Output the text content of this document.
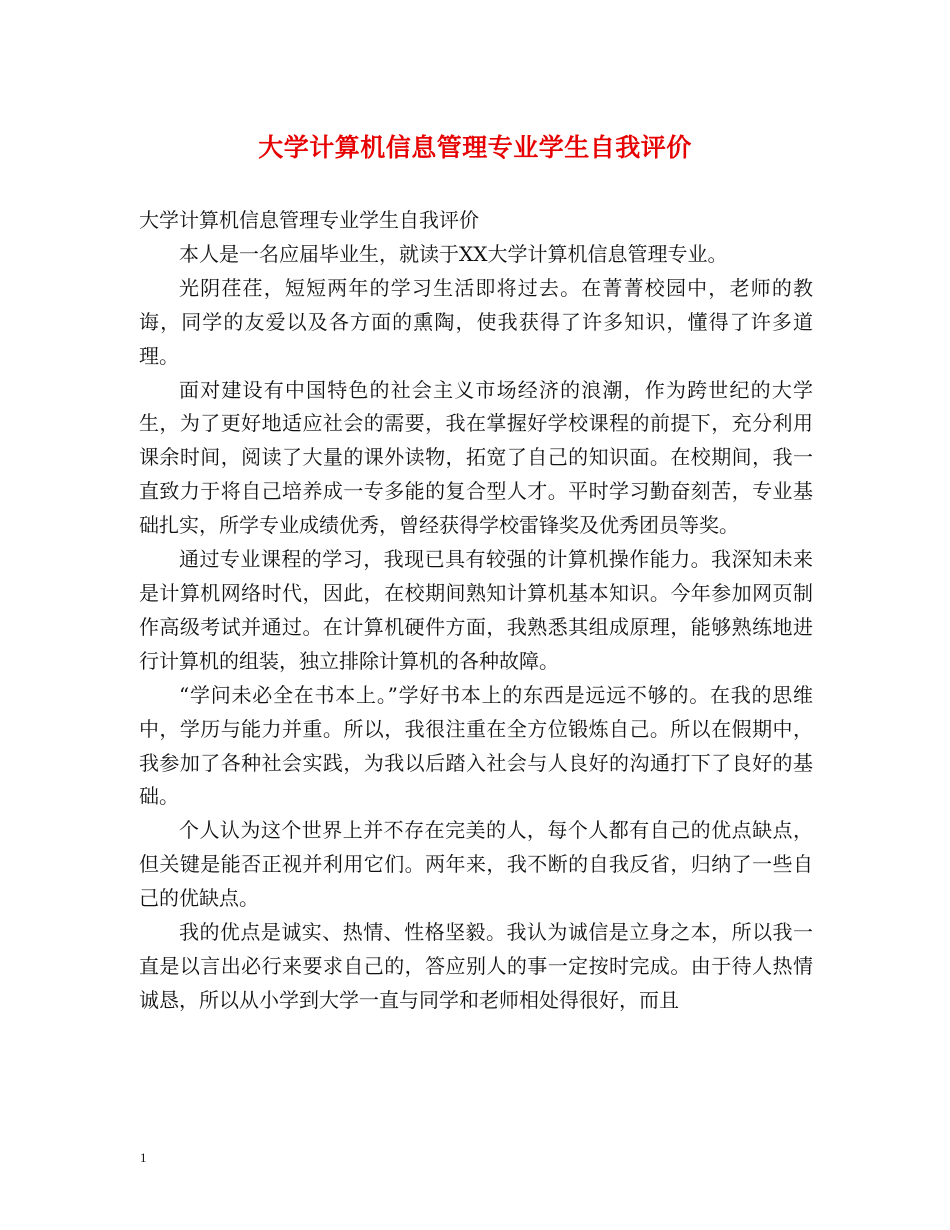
大学计算机信息管理专业学生自我评价

大学计算机信息管理专业学生自我评价

本人是一名应届毕业生，就读于XX大学计算机信息管理专业。

光阴荏荏，短短两年的学习生活即将过去。在菁菁校园中，老师的教诲，同学的友爱以及各方面的熏陶，使我获得了许多知识，懂得了许多道理。

面对建设有中国特色的社会主义市场经济的浪潮，作为跨世纪的大学生，为了更好地适应社会的需要，我在掌握好学校课程的前提下，充分利用课余时间，阅读了大量的课外读物，拓宽了自己的知识面。在校期间，我一直致力于将自己培养成一专多能的复合型人才。平时学习勤奋刻苦，专业基础扎实，所学专业成绩优秀，曾经获得学校雷锋奖及优秀团员等奖。

通过专业课程的学习，我现已具有较强的计算机操作能力。我深知未来是计算机网络时代，因此，在校期间熟知计算机基本知识。今年参加网页制作高级考试并通过。在计算机硬件方面，我熟悉其组成原理，能够熟练地进行计算机的组装，独立排除计算机的各种故障。

“学问未必全在书本上。”学好书本上的东西是远远不够的。在我的思维中，学历与能力并重。所以，我很注重在全方位锻炼自己。所以在假期中，我参加了各种社会实践，为我以后踏入社会与人良好的沟通打下了良好的基础。

个人认为这个世界上并不存在完美的人，每个人都有自己的优点缺点，但关键是能否正视并利用它们。两年来，我不断的自我反省，归纳了一些自己的优缺点。

我的优点是诚实、热情、性格坚毅。我认为诚信是立身之本，所以我一直是以言出必行来要求自己的，答应别人的事一定按时完成。由于待人热情诚恳，所以从小学到大学一直与同学和老师相处得很好，而且

1
